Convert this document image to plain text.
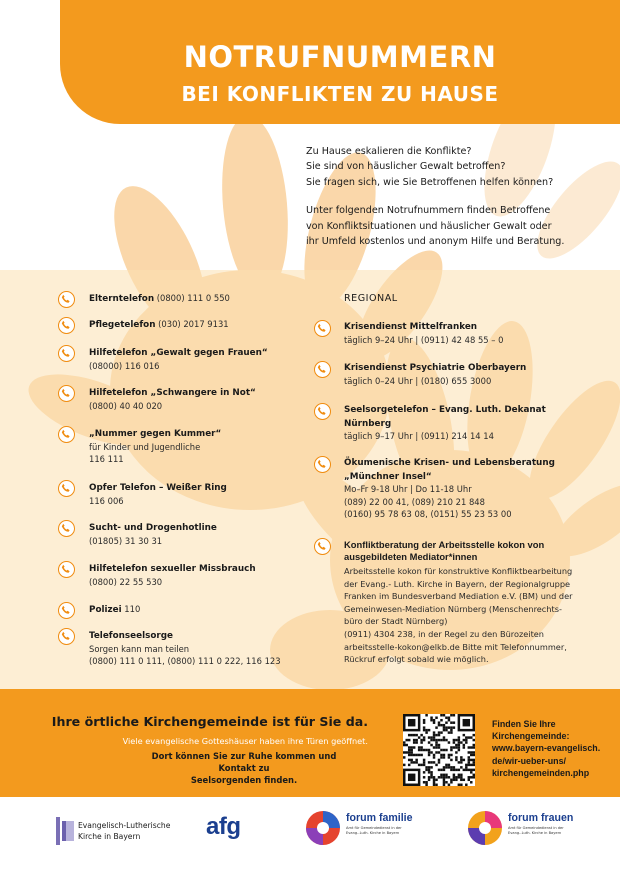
NOTRUFNUMMERN
BEI KONFLIKTEN ZU HAUSE

Zu Hause eskalieren die Konflikte?
Sie sind von häuslicher Gewalt betroffen?
Sie fragen sich, wie Sie Betroffenen helfen können?

Unter folgenden Notrufnummern finden Betroffene
von Konfliktsituationen und häuslicher Gewalt oder
ihr Umfeld kostenlos und anonym Hilfe und Beratung.

Elterntelefon (0800) 111 0 550
Pflegetelefon (030) 2017 9131
Hilfetelefon „Gewalt gegen Frauen“
(08000) 116 016
Hilfetelefon „Schwangere in Not“
(0800) 40 40 020
„Nummer gegen Kummer“
für Kinder und Jugendliche
116 111
Opfer Telefon – Weißer Ring
116 006
Sucht- und Drogenhotline
(01805) 31 30 31
Hilfetelefon sexueller Missbrauch
(0800) 22 55 530
Polizei 110
Telefonseelsorge
Sorgen kann man teilen
(0800) 111 0 111, (0800) 111 0 222, 116 123
REGIONAL
Krisendienst Mittelfranken
täglich 9–24 Uhr | (0911) 42 48 55 – 0
Krisendienst Psychiatrie Oberbayern
täglich 0–24 Uhr | (0180) 655 3000
Seelsorgetelefon – Evang. Luth. Dekanat
Nürnberg
täglich 9–17 Uhr | (0911) 214 14 14
Ökumenische Krisen- und Lebensberatung
„Münchner Insel“
Mo–Fr 9-18 Uhr | Do 11-18 Uhr
(089) 22 00 41, (089) 210 21 848
(0160) 95 78 63 08, (0151) 55 23 53 00
Konfliktberatung der Arbeitsstelle kokon von
ausgebildeten Mediator*innen
Arbeitsstelle kokon für konstruktive Konfliktbearbeitung
der Evang.- Luth. Kirche in Bayern, der Regionalgruppe
Franken im Bundesverband Mediation e.V. (BM) und der
Gemeinwesen-Mediation Nürnberg (Menschenrechts-
büro der Stadt Nürnberg)
(0911) 4304 238, in der Regel zu den Bürozeiten
arbeitsstelle-kokon@elkb.de Bitte mit Telefonnummer,
Rückruf erfolgt sobald wie möglich.
Ihre örtliche Kirchengemeinde ist für Sie da.
Viele evangelische Gotteshäuser haben ihre Türen geöffnet.
Dort können Sie zur Ruhe kommen und Kontakt zu
Seelsorgenden finden.
Finden Sie Ihre
Kirchengemeinde:
www.bayern-evangelisch.
de/wir-ueber-uns/
kirchengemeinden.php
Evangelisch-Lutherische
Kirche in Bayern	afg	forum familie
Amt für Gemeindedienst in der
Evang.-Luth. Kirche in Bayern
forum frauen
Amt für Gemeindedienst in der
Evang.-Luth. Kirche in Bayern
